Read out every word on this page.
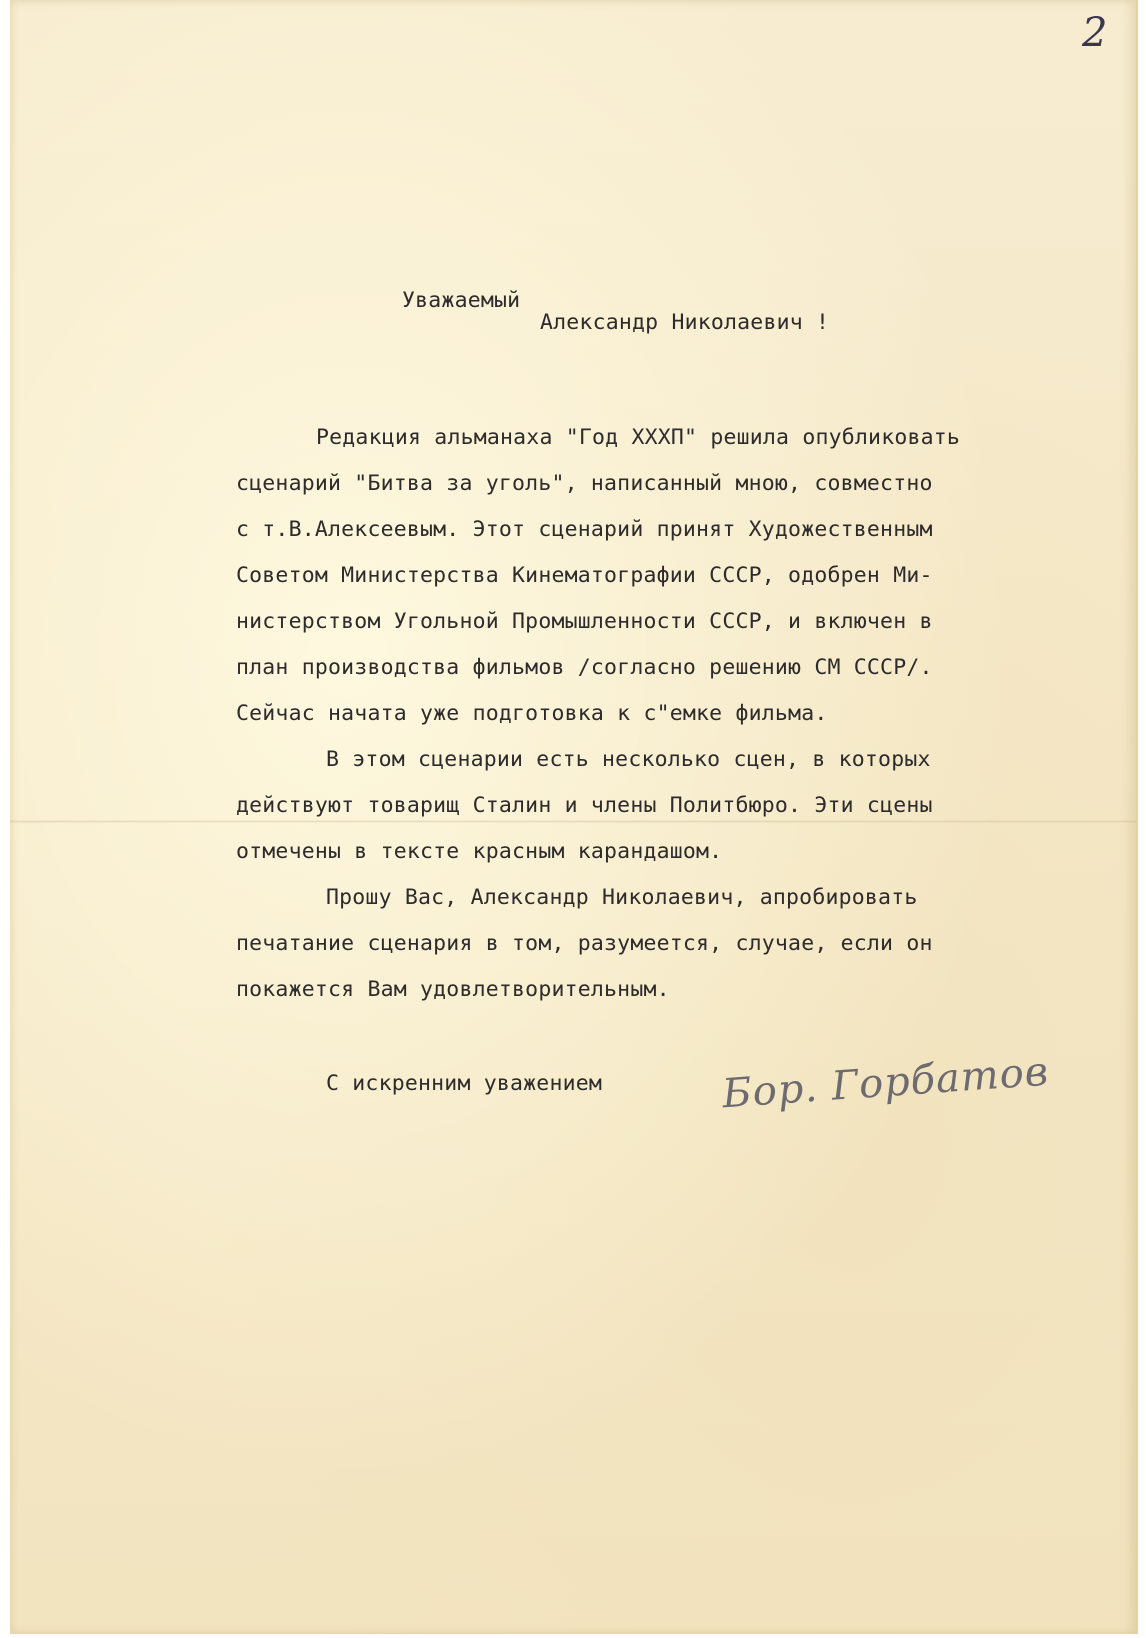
2
Уважаемый
Александр Николаевич !
Редакция альманаха "Год XXXП" решила опубликовать
сценарий "Битва за уголь", написанный мною, совместно
с т.В.Алексеевым. Этот сценарий принят Художественным
Советом Министерства Кинематографии СССР, одобрен Ми-
нистерством Угольной Промышленности СССР, и включен в
план производства фильмов /согласно решению СМ СССР/.
Сейчас начата уже подготовка к с"емке фильма.
В этом сценарии есть несколько сцен, в которых
действуют товарищ Сталин и члены Политбюро. Эти сцены
отмечены в тексте красным карандашом.
Прошу Вас, Александр Николаевич, апробировать
печатание сценария в том, разумеется, случае, если он
покажется Вам удовлетворительным.
С искренним уважением	Бор. Горбатов
